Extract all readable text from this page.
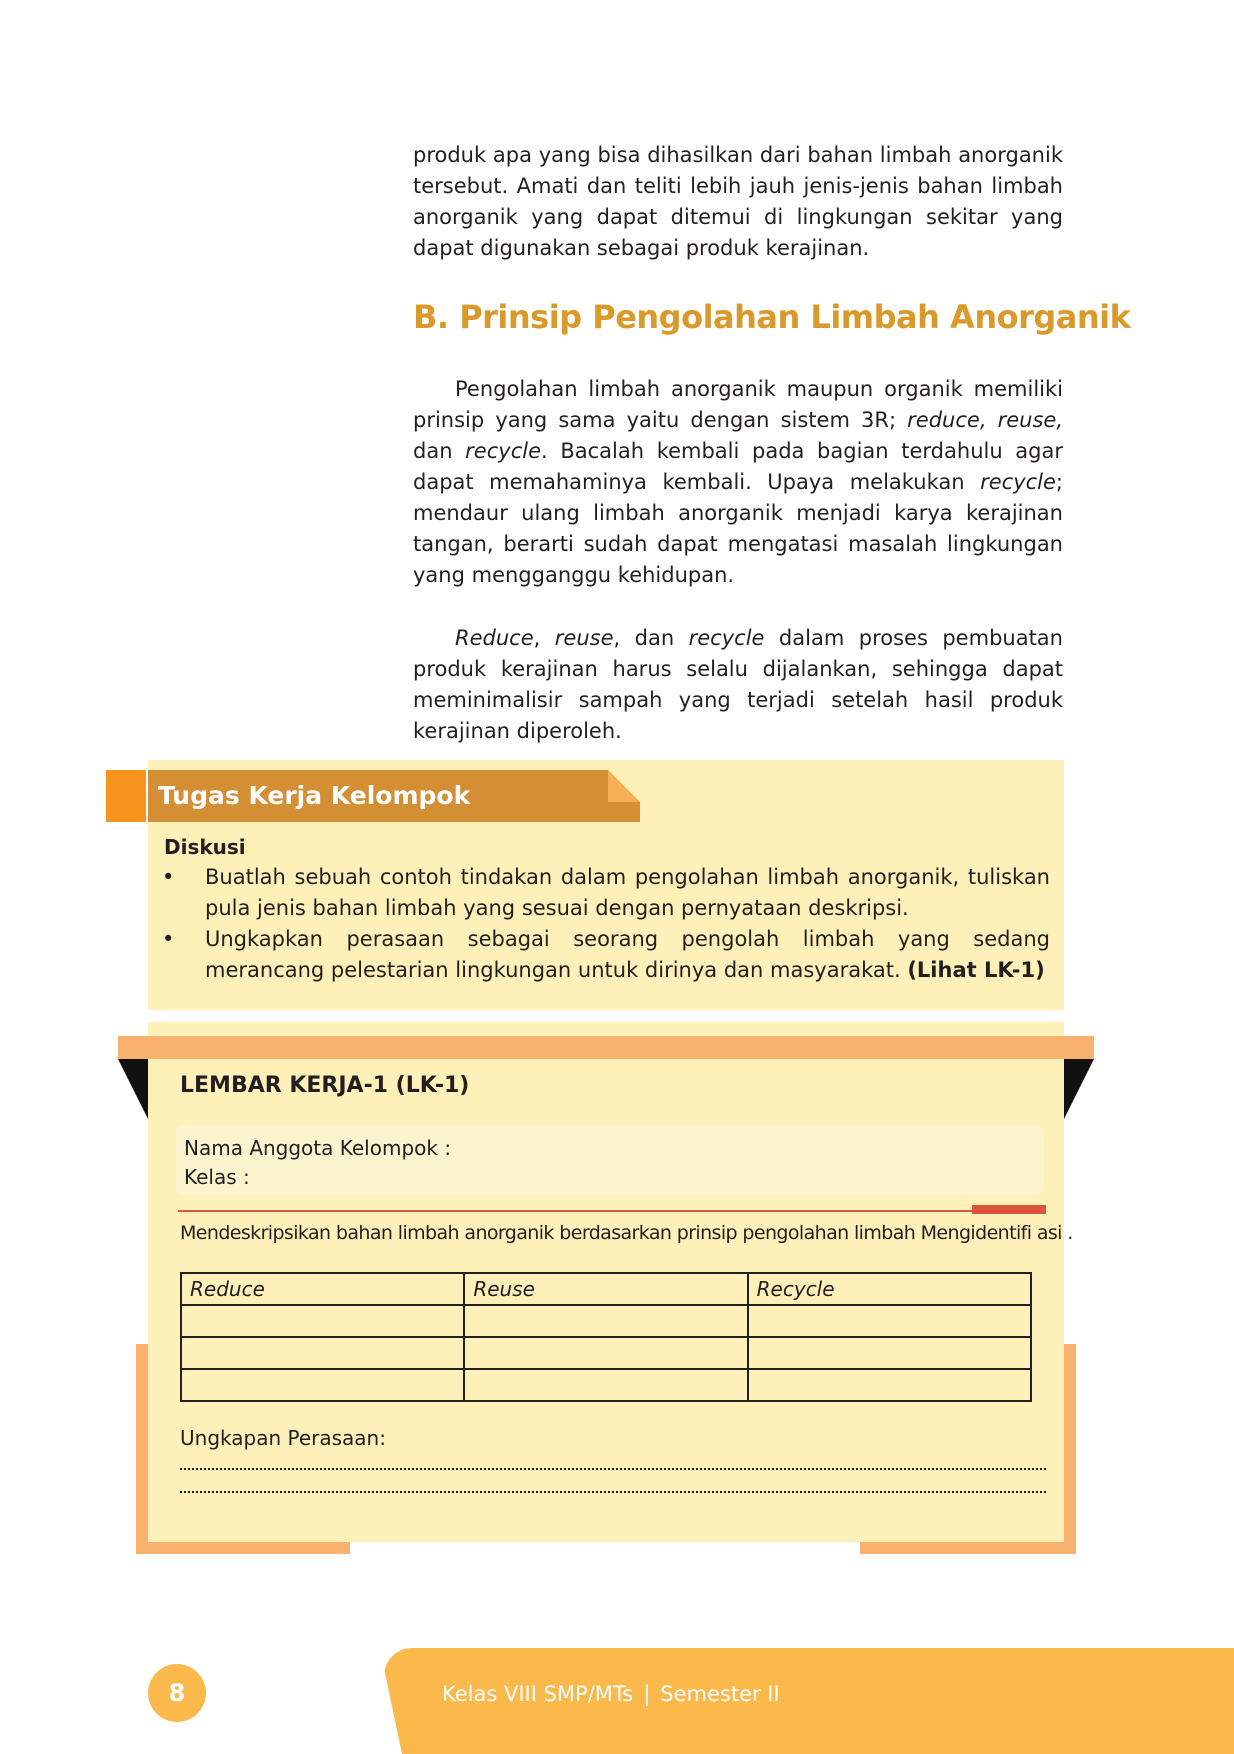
produk apa yang bisa dihasilkan dari bahan limbah anorganik tersebut. Amati dan teliti lebih jauh jenis-jenis bahan limbah anorganik yang dapat ditemui di lingkungan sekitar yang dapat digunakan sebagai produk kerajinan.

B. Prinsip Pengolahan Limbah Anorganik

Pengolahan limbah anorganik maupun organik memiliki prinsip yang sama yaitu dengan sistem 3R; reduce, reuse, dan recycle. Bacalah kembali pada bagian terdahulu agar dapat memahaminya kembali. Upaya melakukan recycle; mendaur ulang limbah anorganik menjadi karya kerajinan tangan, berarti sudah dapat mengatasi masalah lingkungan yang mengganggu kehidupan.

Reduce, reuse, dan recycle dalam proses pembuatan produk kerajinan harus selalu dijalankan, sehingga dapat meminimalisir sampah yang terjadi setelah hasil produk kerajinan diperoleh.

Tugas Kerja Kelompok
Diskusi
• Buatlah sebuah contoh tindakan dalam pengolahan limbah anorganik, tuliskan pula jenis bahan limbah yang sesuai dengan pernyataan deskripsi.
• Ungkapkan perasaan sebagai seorang pengolah limbah yang sedang merancang pelestarian lingkungan untuk dirinya dan masyarakat. (Lihat LK-1)
LEMBAR KERJA-1 (LK-1)
Nama Anggota Kelompok :
Kelas :
Mendeskripsikan bahan limbah anorganik berdasarkan prinsip pengolahan limbah Mengidentifi asi .
Reduce	Reuse	Recycle

Ungkapan Perasaan:
8	Kelas VIII SMP/MTs | Semester II
